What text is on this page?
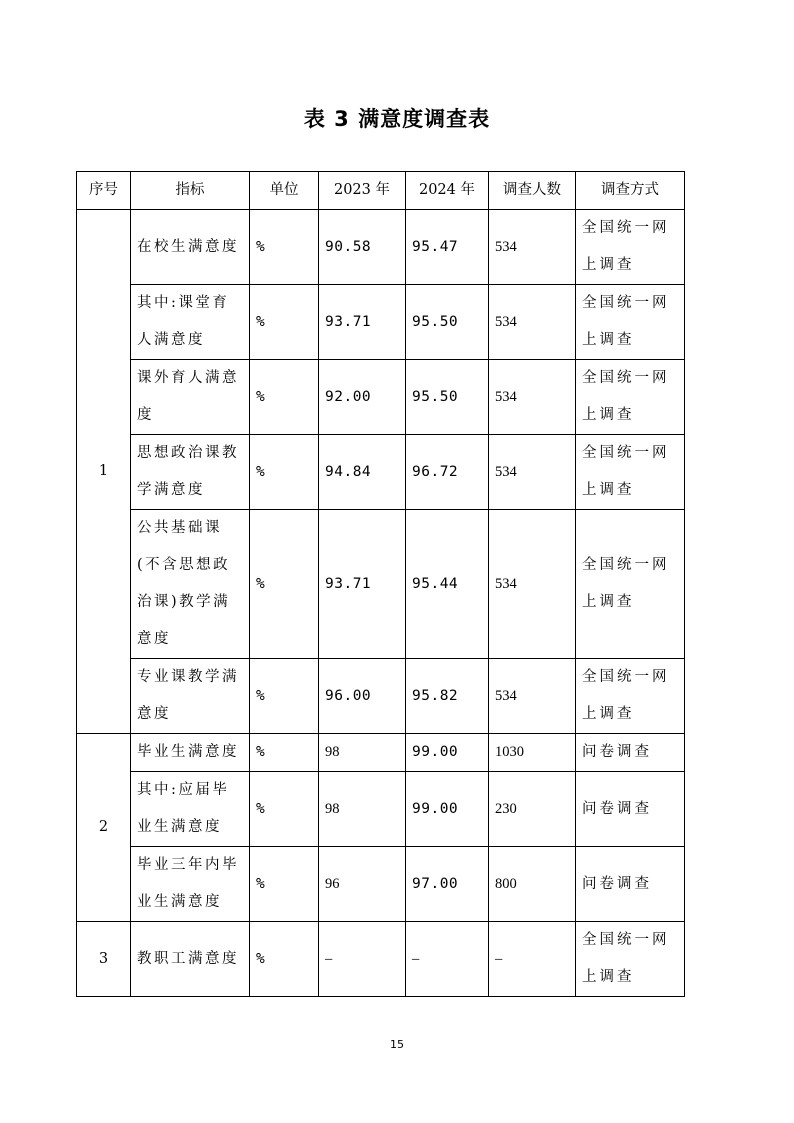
表 3 满意度调查表
序号	指标	单位	2023 年	2024 年	调查人数	调查方式
1	在校生满意度	%	90.58	95.47	534	全国统一网上调查
	其中:课堂育人满意度	%	93.71	95.50	534	全国统一网上调查
	课外育人满意度	%	92.00	95.50	534	全国统一网上调查
	思想政治课教学满意度	%	94.84	96.72	534	全国统一网上调查
	公共基础课(不含思想政治课)教学满意度	%	93.71	95.44	534	全国统一网上调查
	专业课教学满意度	%	96.00	95.82	534	全国统一网上调查
2	毕业生满意度	%	98	99.00	1030	问卷调查
	其中:应届毕业生满意度	%	98	99.00	230	问卷调查
	毕业三年内毕业生满意度	%	96	97.00	800	问卷调查
3	教职工满意度	%	–	–	–	全国统一网上调查
15
